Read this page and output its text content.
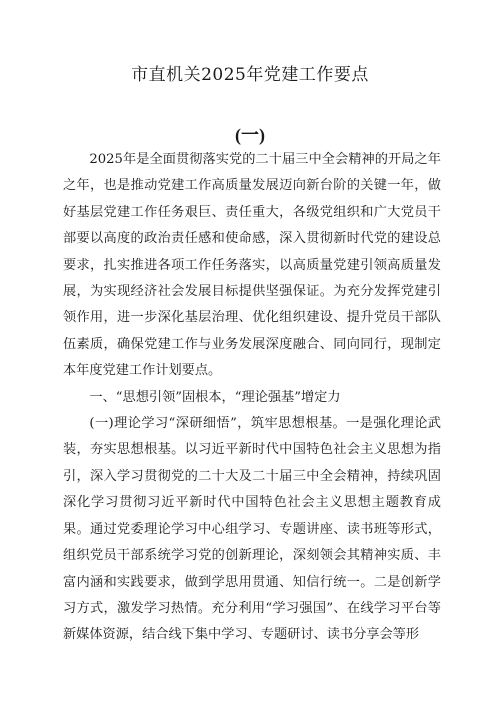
市直机关2025年党建工作要点
(一)

2025年是全面贯彻落实党的二十届三中全会精神的开局之年之年，也是推动党建工作高质量发展迈向新台阶的关键一年，做好基层党建工作任务艰巨、责任重大，各级党组织和广大党员干部要以高度的政治责任感和使命感，深入贯彻新时代党的建设总要求，扎实推进各项工作任务落实，以高质量党建引领高质量发展，为实现经济社会发展目标提供坚强保证。为充分发挥党建引领作用，进一步深化基层治理、优化组织建设、提升党员干部队伍素质，确保党建工作与业务发展深度融合、同向同行，现制定本年度党建工作计划要点。

一、“思想引领”固根本，“理论强基”增定力

(一)理论学习“深研细悟”，筑牢思想根基。一是强化理论武装，夯实思想根基。以习近平新时代中国特色社会主义思想为指引，深入学习贯彻党的二十大及二十届三中全会精神，持续巩固深化学习贯彻习近平新时代中国特色社会主义思想主题教育成果。通过党委理论学习中心组学习、专题讲座、读书班等形式，组织党员干部系统学习党的创新理论，深刻领会其精神实质、丰富内涵和实践要求，做到学思用贯通、知信行统一。二是创新学习方式，激发学习热情。充分利用“学习强国”、在线学习平台等新媒体资源，结合线下集中学习、专题研讨、读书分享会等形
